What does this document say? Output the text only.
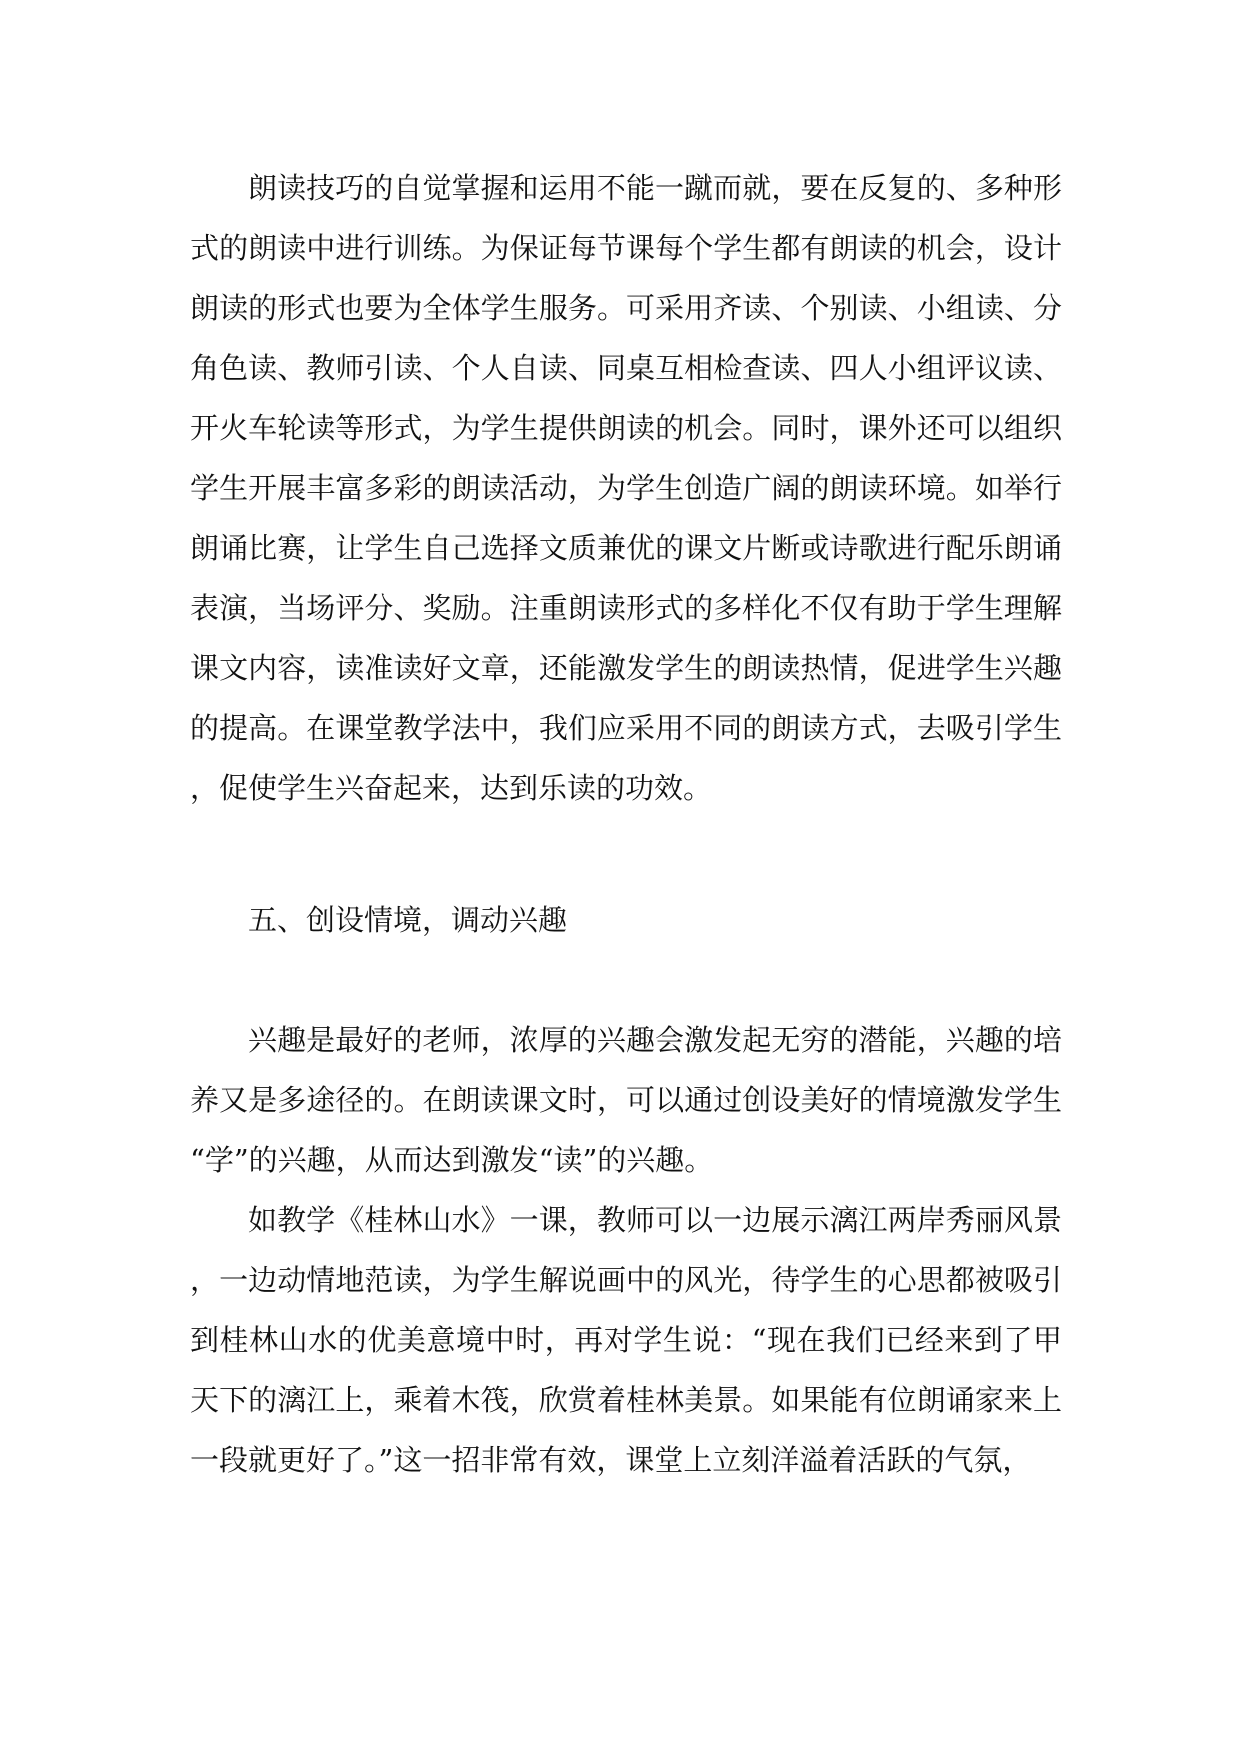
朗读技巧的自觉掌握和运用不能一蹴而就，要在反复的、多种形
式的朗读中进行训练。为保证每节课每个学生都有朗读的机会，设计
朗读的形式也要为全体学生服务。可采用齐读、个别读、小组读、分
角色读、教师引读、个人自读、同桌互相检查读、四人小组评议读、
开火车轮读等形式，为学生提供朗读的机会。同时，课外还可以组织
学生开展丰富多彩的朗读活动，为学生创造广阔的朗读环境。如举行
朗诵比赛，让学生自己选择文质兼优的课文片断或诗歌进行配乐朗诵
表演，当场评分、奖励。注重朗读形式的多样化不仅有助于学生理解
课文内容，读准读好文章，还能激发学生的朗读热情，促进学生兴趣
的提高。在课堂教学法中，我们应采用不同的朗读方式，去吸引学生
，促使学生兴奋起来，达到乐读的功效。
五、创设情境，调动兴趣
兴趣是最好的老师，浓厚的兴趣会激发起无穷的潜能，兴趣的培
养又是多途径的。在朗读课文时，可以通过创设美好的情境激发学生
“学”的兴趣，从而达到激发“读”的兴趣。
如教学《桂林山水》一课，教师可以一边展示漓江两岸秀丽风景
，一边动情地范读，为学生解说画中的风光，待学生的心思都被吸引
到桂林山水的优美意境中时，再对学生说：“现在我们已经来到了甲
天下的漓江上，乘着木筏，欣赏着桂林美景。如果能有位朗诵家来上
一段就更好了。”这一招非常有效，课堂上立刻洋溢着活跃的气氛，
